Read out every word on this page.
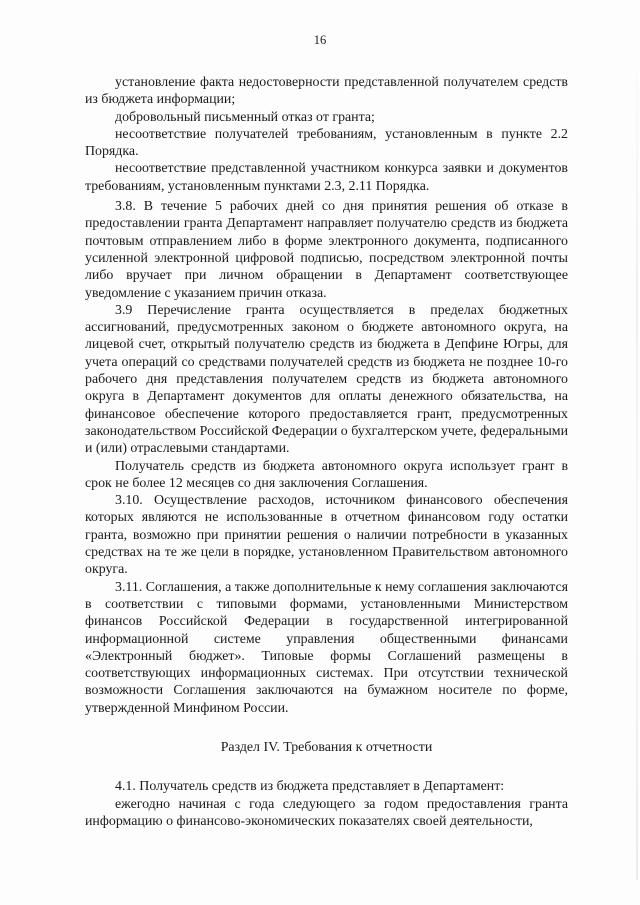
16

установление факта недостоверности представленной получателем средств из бюджета информации;

добровольный письменный отказ от гранта;

несоответствие получателей требованиям, установленным в пункте 2.2 Порядка.

несоответствие представленной участником конкурса заявки и документов требованиям, установленным пунктами 2.3, 2.11 Порядка.

3.8. В течение 5 рабочих дней со дня принятия решения об отказе в предоставлении гранта Департамент направляет получателю средств из бюджета почтовым отправлением либо в форме электронного документа, подписанного усиленной электронной цифровой подписью, посредством электронной почты либо вручает при личном обращении в Департамент соответствующее уведомление с указанием причин отказа.

3.9 Перечисление гранта осуществляется в пределах бюджетных ассигнований, предусмотренных законом о бюджете автономного округа, на лицевой счет, открытый получателю средств из бюджета в Депфине Югры, для учета операций со средствами получателей средств из бюджета не позднее 10-го рабочего дня представления получателем средств из бюджета автономного округа в Департамент документов для оплаты денежного обязательства, на финансовое обеспечение которого предоставляется грант, предусмотренных законодательством Российской Федерации о бухгалтерском учете, федеральными и (или) отраслевыми стандартами.

Получатель средств из бюджета автономного округа использует грант в срок не более 12 месяцев со дня заключения Соглашения.

3.10. Осуществление расходов, источником финансового обеспечения которых являются не использованные в отчетном финансовом году остатки гранта, возможно при принятии решения о наличии потребности в указанных средствах на те же цели в порядке, установленном Правительством автономного округа.

3.11. Соглашения, а также дополнительные к нему соглашения заключаются в соответствии с типовыми формами, установленными Министерством финансов Российской Федерации в государственной интегрированной информационной системе управления общественными финансами «Электронный бюджет». Типовые формы Соглашений размещены в соответствующих информационных системах. При отсутствии технической возможности Соглашения заключаются на бумажном носителе по форме, утвержденной Минфином России.

Раздел IV. Требования к отчетности

4.1. Получатель средств из бюджета представляет в Департамент:

ежегодно начиная с года следующего за годом предоставления гранта информацию о финансово-экономических показателях своей деятельности,
